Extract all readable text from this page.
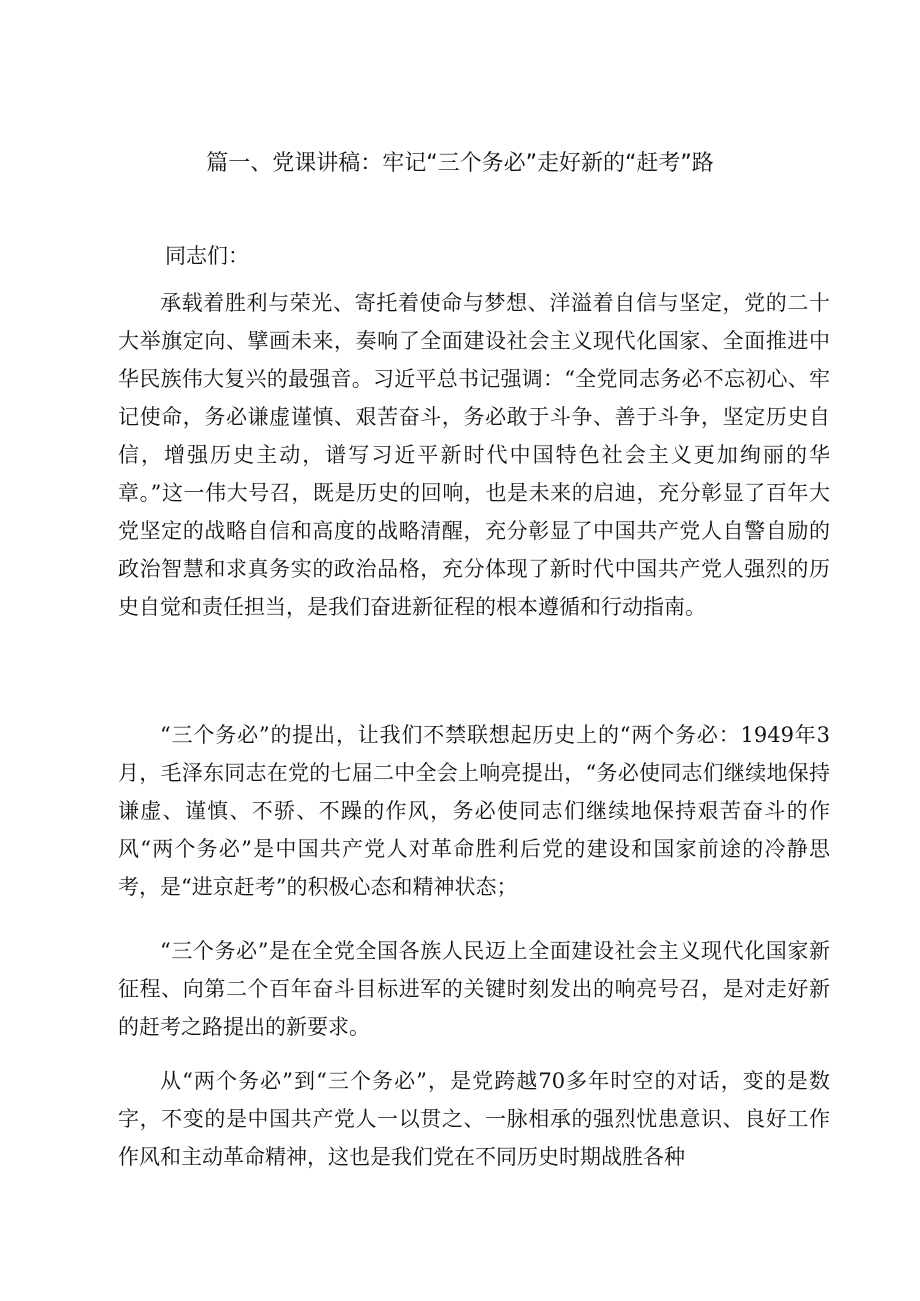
篇一、党课讲稿：牢记“三个务必”走好新的“赶考”路
同志们：

承载着胜利与荣光、寄托着使命与梦想、洋溢着自信与坚定，党的二十大举旗定向、擘画未来，奏响了全面建设社会主义现代化国家、全面推进中华民族伟大复兴的最强音。习近平总书记强调：“全党同志务必不忘初心、牢记使命，务必谦虚谨慎、艰苦奋斗，务必敢于斗争、善于斗争，坚定历史自信，增强历史主动，谱写习近平新时代中国特色社会主义更加绚丽的华章。”这一伟大号召，既是历史的回响，也是未来的启迪，充分彰显了百年大党坚定的战略自信和高度的战略清醒，充分彰显了中国共产党人自警自励的政治智慧和求真务实的政治品格，充分体现了新时代中国共产党人强烈的历史自觉和责任担当，是我们奋进新征程的根本遵循和行动指南。

“三个务必”的提出，让我们不禁联想起历史上的“两个务必：1949年3月，毛泽东同志在党的七届二中全会上响亮提出，“务必使同志们继续地保持谦虚、谨慎、不骄、不躁的作风，务必使同志们继续地保持艰苦奋斗的作风“两个务必”是中国共产党人对革命胜利后党的建设和国家前途的冷静思考，是“进京赶考”的积极心态和精神状态；

“三个务必”是在全党全国各族人民迈上全面建设社会主义现代化国家新征程、向第二个百年奋斗目标进军的关键时刻发出的响亮号召，是对走好新的赶考之路提出的新要求。

从“两个务必”到“三个务必”，是党跨越70多年时空的对话，变的是数字，不变的是中国共产党人一以贯之、一脉相承的强烈忧患意识、良好工作作风和主动革命精神，这也是我们党在不同历史时期战胜各种
